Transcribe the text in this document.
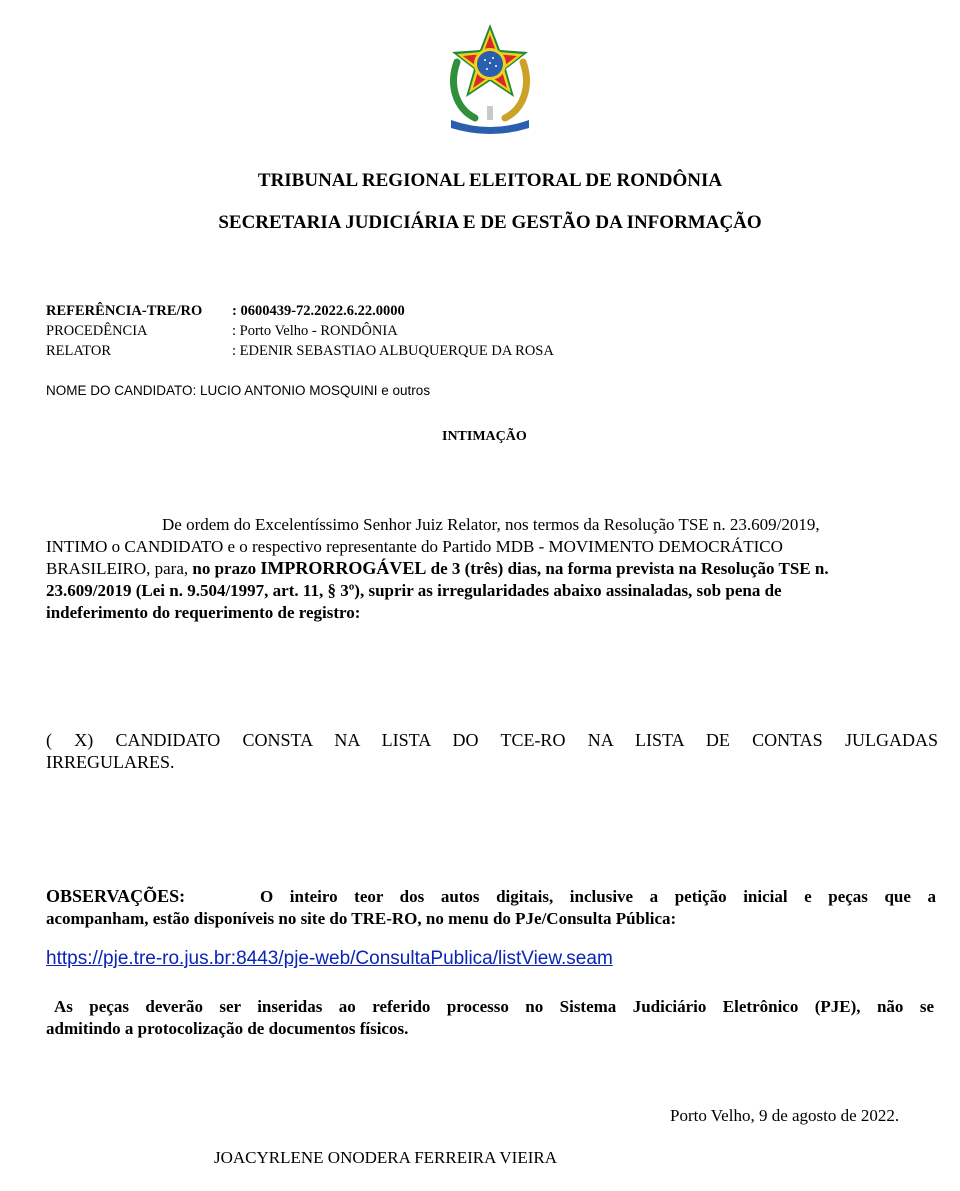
TRIBUNAL REGIONAL ELEITORAL DE RONDÔNIA
SECRETARIA JUDICIÁRIA E DE GESTÃO DA INFORMAÇÃO
REFERÊNCIA-TRE/RO : 0600439-72.2022.6.22.0000
PROCEDÊNCIA	: Porto Velho - RONDÔNIA
RELATOR	: EDENIR SEBASTIAO ALBUQUERQUE DA ROSA
NOME DO CANDIDATO: LUCIO ANTONIO MOSQUINI e outros
INTIMAÇÃO
De ordem do Excelentíssimo Senhor Juiz Relator, nos termos da Resolução TSE n. 23.609/2019,
INTIMO o CANDIDATO e o respectivo representante do Partido MDB - MOVIMENTO DEMOCRÁTICO
BRASILEIRO, para, no prazo IMPRORROGÁVEL de 3 (três) dias, na forma prevista na Resolução TSE n.
23.609/2019 (Lei n. 9.504/1997, art. 11, § 3º), suprir as irregularidades abaixo assinaladas, sob pena de
indeferimento do requerimento de registro:
( X) CANDIDATO CONSTA NA LISTA DO TCE-RO NA LISTA DE CONTAS JULGADAS
IRREGULARES.
OBSERVAÇÕES:	O inteiro teor dos autos digitais, inclusive a petição inicial e peças que a
acompanham, estão disponíveis no site do TRE-RO, no menu do PJe/Consulta Pública:
https://pje.tre-ro.jus.br:8443/pje-web/ConsultaPublica/listView.seam
As peças deverão ser inseridas ao referido processo no Sistema Judiciário Eletrônico (PJE), não se
admitindo a protocolização de documentos físicos.
Porto Velho, 9 de agosto de 2022.
JOACYRLENE ONODERA FERREIRA VIEIRA
